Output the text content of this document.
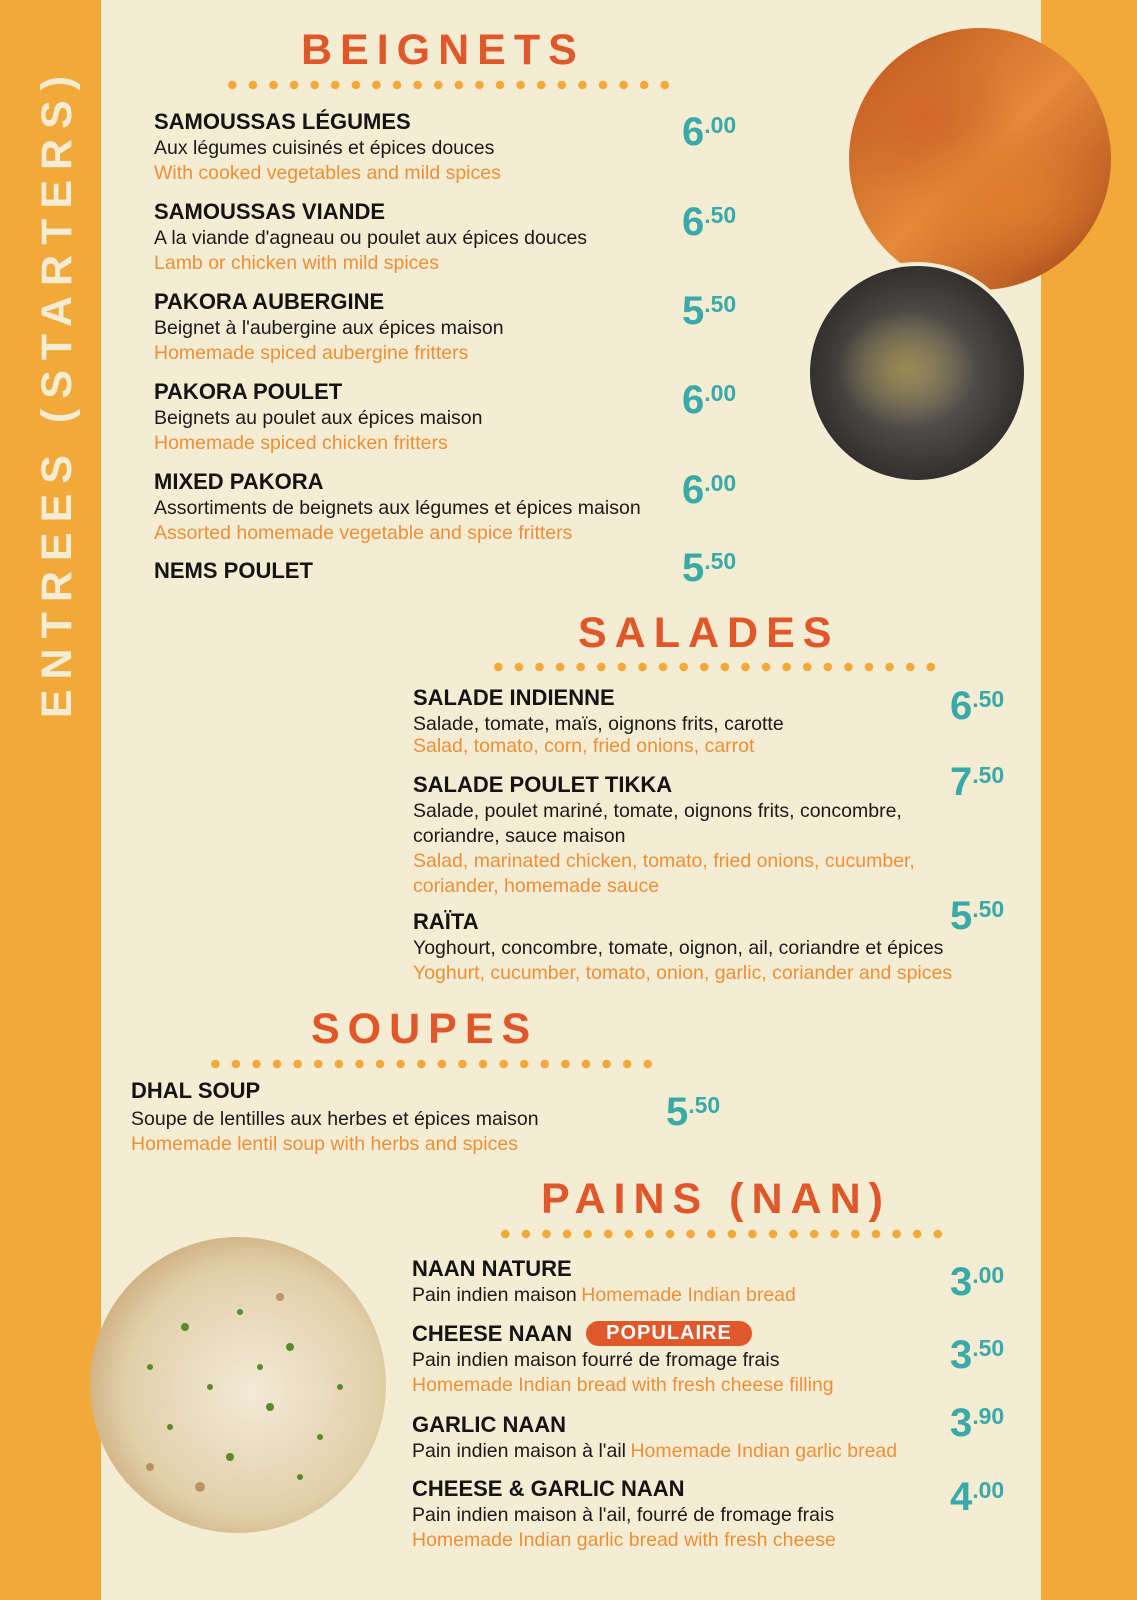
ENTREES (STARTERS)
BEIGNETS
SAMOUSSAS LÉGUMES
Aux légumes cuisinés et épices douces
With cooked vegetables and mild spices
6.00
SAMOUSSAS VIANDE
A la viande d'agneau ou poulet aux épices douces
Lamb or chicken with mild spices
6.50
PAKORA AUBERGINE
Beignet à l'aubergine aux épices maison
Homemade spiced aubergine fritters
5.50
PAKORA POULET
Beignets au poulet aux épices maison
Homemade spiced chicken fritters
6.00
MIXED PAKORA
Assortiments de beignets aux légumes et épices maison
Assorted homemade vegetable and spice fritters
6.00
NEMS POULET	5.50
SALADES
SALADE INDIENNE
Salade, tomate, maïs, oignons frits, carotte
Salad, tomato, corn, fried onions, carrot
6.50
SALADE POULET TIKKA
Salade, poulet mariné, tomate, oignons frits, concombre,
coriandre, sauce maison
Salad, marinated chicken, tomato, fried onions, cucumber,
coriander, homemade sauce
7.50
RAÏTA
Yoghourt, concombre, tomate, oignon, ail, coriandre et épices
Yoghurt, cucumber, tomato, onion, garlic, coriander and spices
5.50
SOUPES
DHAL SOUP
Soupe de lentilles aux herbes et épices maison
Homemade lentil soup with herbs and spices
5.50
PAINS (NAN)
NAAN NATURE
Pain indien maison Homemade Indian bread	3.00
CHEESE NAAN POPULAIRE
Pain indien maison fourré de fromage frais
Homemade Indian bread with fresh cheese filling
3.50
GARLIC NAAN
Pain indien maison à l'ail Homemade Indian garlic bread
3.90
CHEESE & GARLIC NAAN
Pain indien maison à l'ail, fourré de fromage frais
Homemade Indian garlic bread with fresh cheese
4.00
